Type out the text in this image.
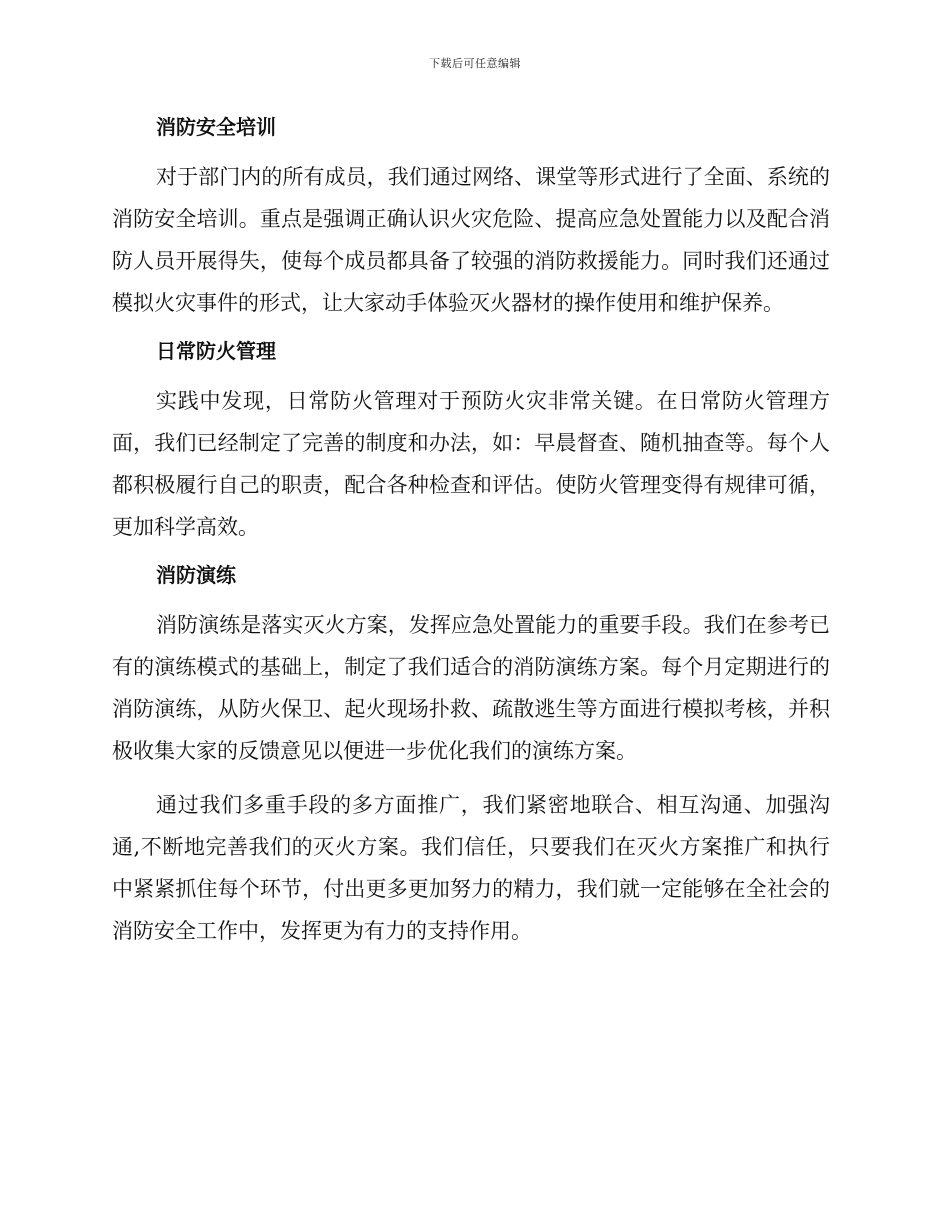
下载后可任意编辑
消防安全培训

对于部门内的所有成员，我们通过网络、课堂等形式进行了全面、系统的消防安全培训。重点是强调正确认识火灾危险、提高应急处置能力以及配合消防人员开展得失，使每个成员都具备了较强的消防救援能力。同时我们还通过模拟火灾事件的形式，让大家动手体验灭火器材的操作使用和维护保养。

日常防火管理

实践中发现，日常防火管理对于预防火灾非常关键。在日常防火管理方面，我们已经制定了完善的制度和办法，如：早晨督查、随机抽查等。每个人都积极履行自己的职责，配合各种检查和评估。使防火管理变得有规律可循，更加科学高效。

消防演练

消防演练是落实灭火方案，发挥应急处置能力的重要手段。我们在参考已有的演练模式的基础上，制定了我们适合的消防演练方案。每个月定期进行的消防演练，从防火保卫、起火现场扑救、疏散逃生等方面进行模拟考核，并积极收集大家的反馈意见以便进一步优化我们的演练方案。

通过我们多重手段的多方面推广，我们紧密地联合、相互沟通、加强沟通,不断地完善我们的灭火方案。我们信任，只要我们在灭火方案推广和执行中紧紧抓住每个环节，付出更多更加努力的精力，我们就一定能够在全社会的消防安全工作中，发挥更为有力的支持作用。
